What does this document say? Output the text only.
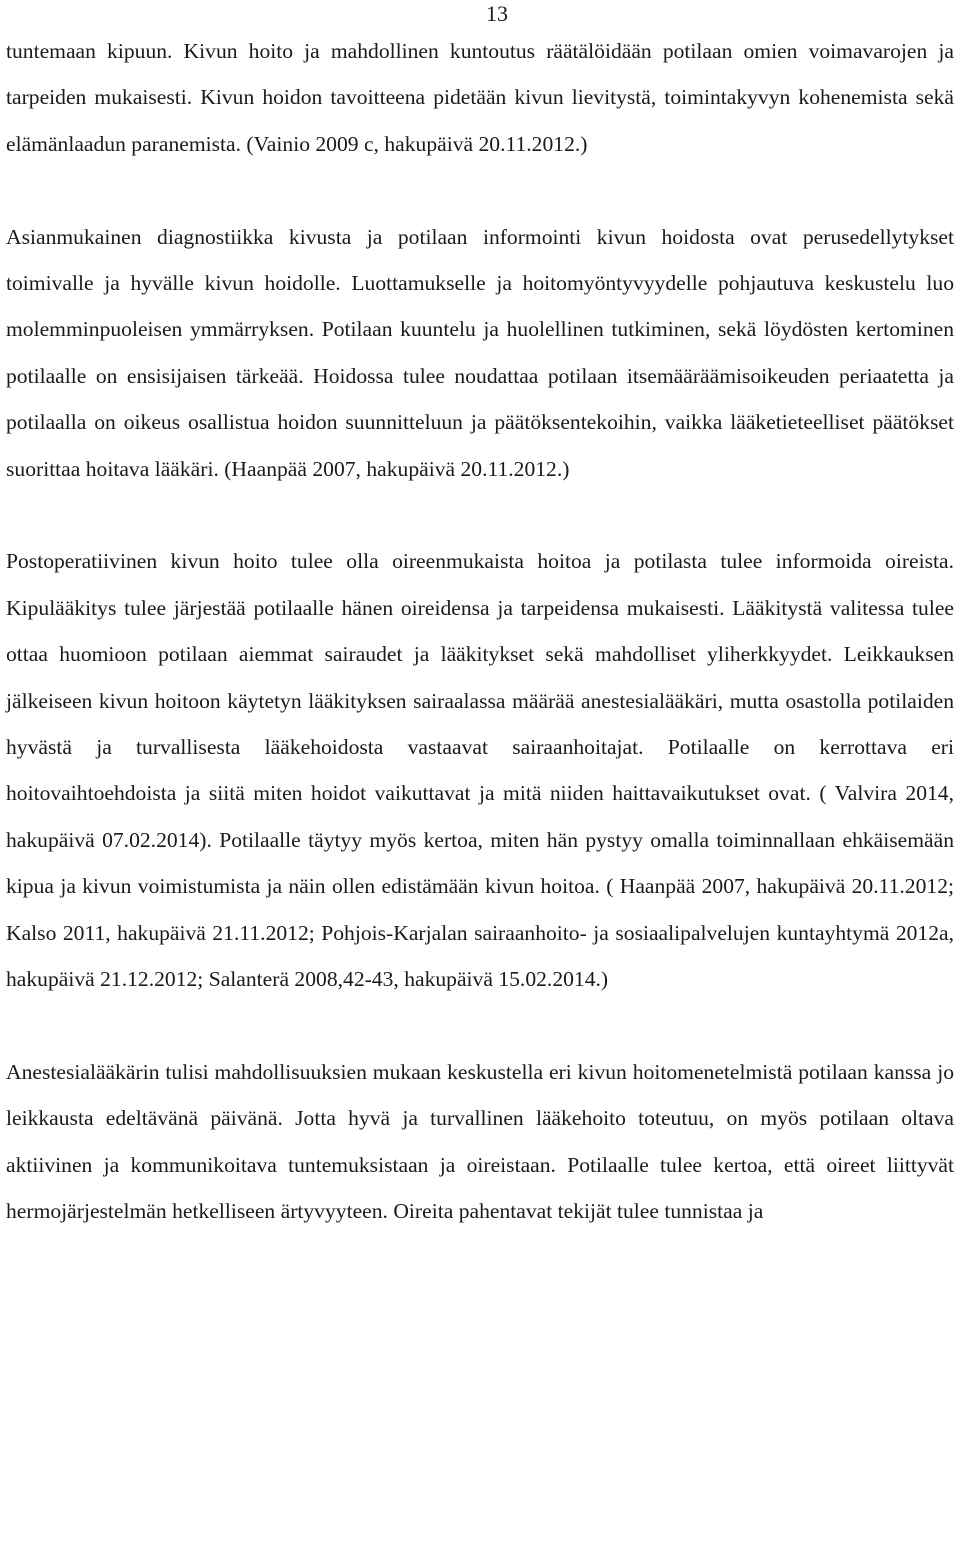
13

tuntemaan kipuun. Kivun hoito ja mahdollinen kuntoutus räätälöidään potilaan omien voimavarojen ja tarpeiden mukaisesti. Kivun hoidon tavoitteena pidetään kivun lievitystä, toimintakyvyn kohenemista sekä elämänlaadun paranemista. (Vainio 2009 c, hakupäivä 20.11.2012.)

Asianmukainen diagnostiikka kivusta ja potilaan informointi kivun hoidosta ovat perusedellytykset toimivalle ja hyvälle kivun hoidolle. Luottamukselle ja hoitomyöntyvyydelle pohjautuva keskustelu luo molemminpuoleisen ymmärryksen. Potilaan kuuntelu ja huolellinen tutkiminen, sekä löydösten kertominen potilaalle on ensisijaisen tärkeää. Hoidossa tulee noudattaa potilaan itsemääräämisoikeuden periaatetta ja potilaalla on oikeus osallistua hoidon suunnitteluun ja päätöksentekoihin, vaikka lääketieteelliset päätökset suorittaa hoitava lääkäri. (Haanpää 2007, hakupäivä 20.11.2012.)

Postoperatiivinen kivun hoito tulee olla oireenmukaista hoitoa ja potilasta tulee informoida oireista. Kipulääkitys tulee järjestää potilaalle hänen oireidensa ja tarpeidensa mukaisesti. Lääkitystä valitessa tulee ottaa huomioon potilaan aiemmat sairaudet ja lääkitykset sekä mahdolliset yliherkkyydet. Leikkauksen jälkeiseen kivun hoitoon käytetyn lääkityksen sairaalassa määrää anestesialääkäri, mutta osastolla potilaiden hyvästä ja turvallisesta lääkehoidosta vastaavat sairaanhoitajat. Potilaalle on kerrottava eri hoitovaihtoehdoista ja siitä miten hoidot vaikuttavat ja mitä niiden haittavaikutukset ovat. ( Valvira 2014, hakupäivä 07.02.2014). Potilaalle täytyy myös kertoa, miten hän pystyy omalla toiminnallaan ehkäisemään kipua ja kivun voimistumista ja näin ollen edistämään kivun hoitoa. ( Haanpää 2007, hakupäivä 20.11.2012; Kalso 2011, hakupäivä 21.11.2012; Pohjois-Karjalan sairaanhoito- ja sosiaalipalvelujen kuntayhtymä 2012a, hakupäivä 21.12.2012; Salanterä 2008,42-43, hakupäivä 15.02.2014.)

Anestesialääkärin tulisi mahdollisuuksien mukaan keskustella eri kivun hoitomenetelmistä potilaan kanssa jo leikkausta edeltävänä päivänä. Jotta hyvä ja turvallinen lääkehoito toteutuu, on myös potilaan oltava aktiivinen ja kommunikoitava tuntemuksistaan ja oireistaan. Potilaalle tulee kertoa, että oireet liittyvät hermojärjestelmän hetkelliseen ärtyvyyteen. Oireita pahentavat tekijät tulee tunnistaa ja
